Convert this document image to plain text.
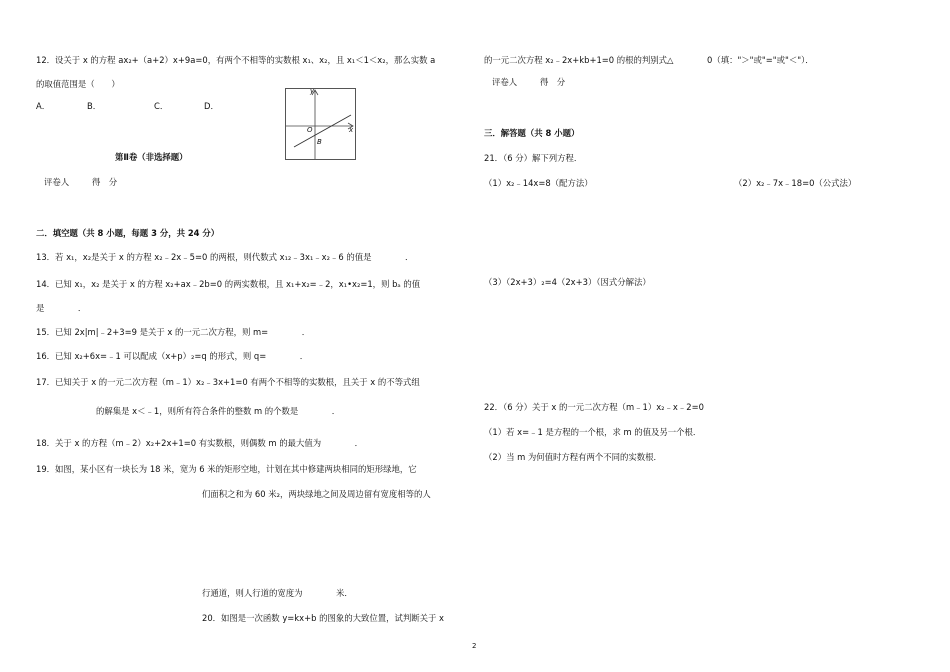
12．设关于 x 的方程 ax₂+（a+2）x+9a=0，有两个不相等的实数根 x₁、x₂，且 x₁＜1＜x₂，那么实数 a
的取值范围是（　　）
A．	B．	C．	D．
y
x
O
B
第Ⅱ卷（非选择题）
评卷人	得　分
二．填空题（共 8 小题，每题 3 分，共 24 分）
13．若 x₁，x₂是关于 x 的方程 x₂﹣2x﹣5=0 的两根，则代数式 x₁₂﹣3x₁﹣x₂﹣6 的值是　　　　．
14．已知 x₁，x₂ 是关于 x 的方程 x₂+ax﹣2b=0 的两实数根，且 x₁+x₂=﹣2，x₁•x₂=1，则 bₐ 的值
是　　　　．
15．已知 2x|m|﹣2+3=9 是关于 x 的一元二次方程，则 m=　　　　．
16．已知 x₂+6x=﹣1 可以配成（x+p）₂=q 的形式，则 q=　　　　．
17．已知关于 x 的一元二次方程（m﹣1）x₂﹣3x+1=0 有两个不相等的实数根，且关于 x 的不等式组
的解集是 x＜﹣1，则所有符合条件的整数 m 的个数是　　　　．
18．关于 x 的方程（m﹣2）x₂+2x+1=0 有实数根，则偶数 m 的最大值为　　　　．
19．如图，某小区有一块长为 18 米，宽为 6 米的矩形空地，计划在其中修建两块相同的矩形绿地，它
们面积之和为 60 米₂，两块绿地之间及周边留有宽度相等的人
行通道，则人行道的宽度为　　　　米．
20．如图是一次函数 y=kx+b 的图象的大致位置，试判断关于 x
的一元二次方程 x₂﹣2x+kb+1=0 的根的判别式△　　　　0（填："＞"或"="或"＜"）．
评卷人	得　分
三．解答题（共 8 小题）
21．（6 分）解下列方程．
（1）x₂﹣14x=8（配方法）	（2）x₂﹣7x﹣18=0（公式法）
（3）（2x+3）₂=4（2x+3）（因式分解法）
22．（6 分）关于 x 的一元二次方程（m﹣1）x₂﹣x﹣2=0
（1）若 x=﹣1 是方程的一个根，求 m 的值及另一个根．
（2）当 m 为何值时方程有两个不同的实数根．
2
